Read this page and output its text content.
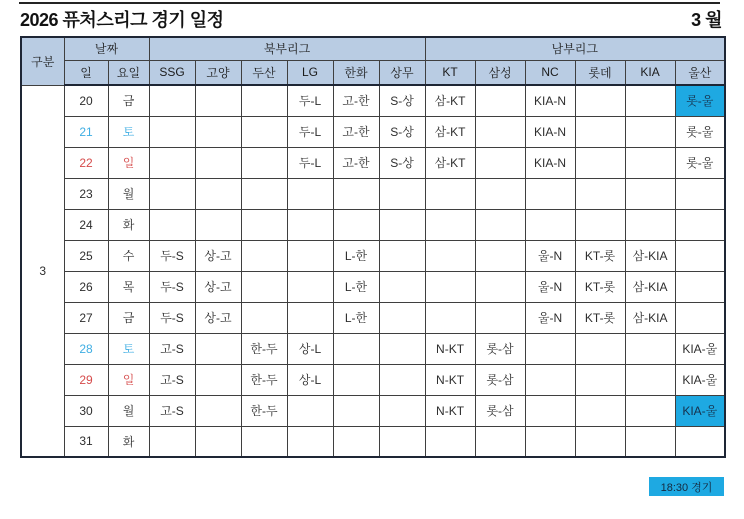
2026 퓨처스리그 경기 일정	3 월
구분	날짜		북부리그						남부리그					
	일	요일	SSG	고양	두산	LG	한화	상무	KT	삼성	NC	롯데	KIA	울산
3	20	금				두-L	고-한	S-상	삼-KT		KIA-N			롯-울
	21	토				두-L	고-한	S-상	삼-KT		KIA-N			롯-울
	22	일				두-L	고-한	S-상	삼-KT		KIA-N			롯-울
	23	월												
	24	화												
	25	수	두-S	상-고			L-한				울-N	KT-롯	삼-KIA	
	26	목	두-S	상-고			L-한				울-N	KT-롯	삼-KIA	
	27	금	두-S	상-고			L-한				울-N	KT-롯	삼-KIA	
	28	토	고-S		한-두	상-L			N-KT	롯-삼				KIA-울
	29	일	고-S		한-두	상-L			N-KT	롯-삼				KIA-울
	30	월	고-S		한-두				N-KT	롯-삼				KIA-울
	31	화												
18:30 경기
